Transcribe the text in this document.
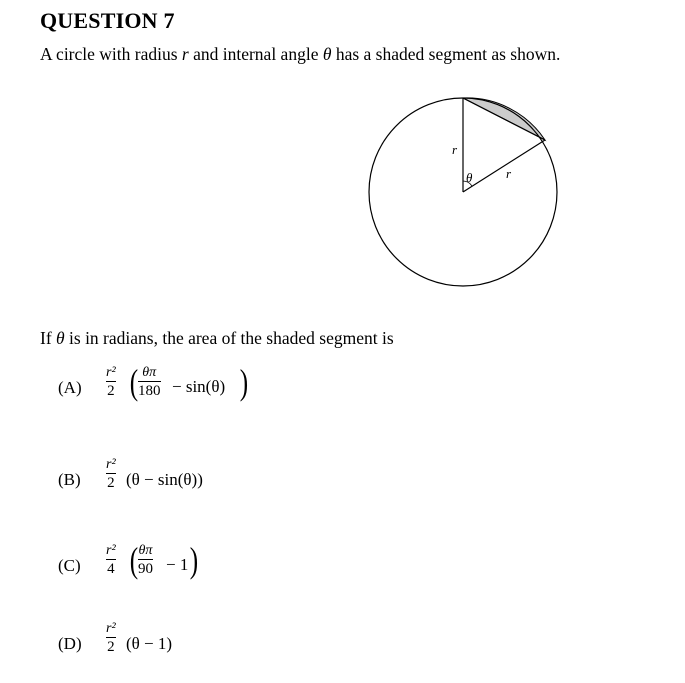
QUESTION 7
A circle with radius r and internal angle θ has a shaded segment as shown.
r
r
θ
If θ is in radians, the area of the shaded segment is
(A)
r²
2 ( θπ
180 − sin(θ) )
(B)
r²
2 (θ − sin(θ))
(C)
r²
4 ( θπ
90 − 1 )
(D)
r²
2 (θ − 1)
